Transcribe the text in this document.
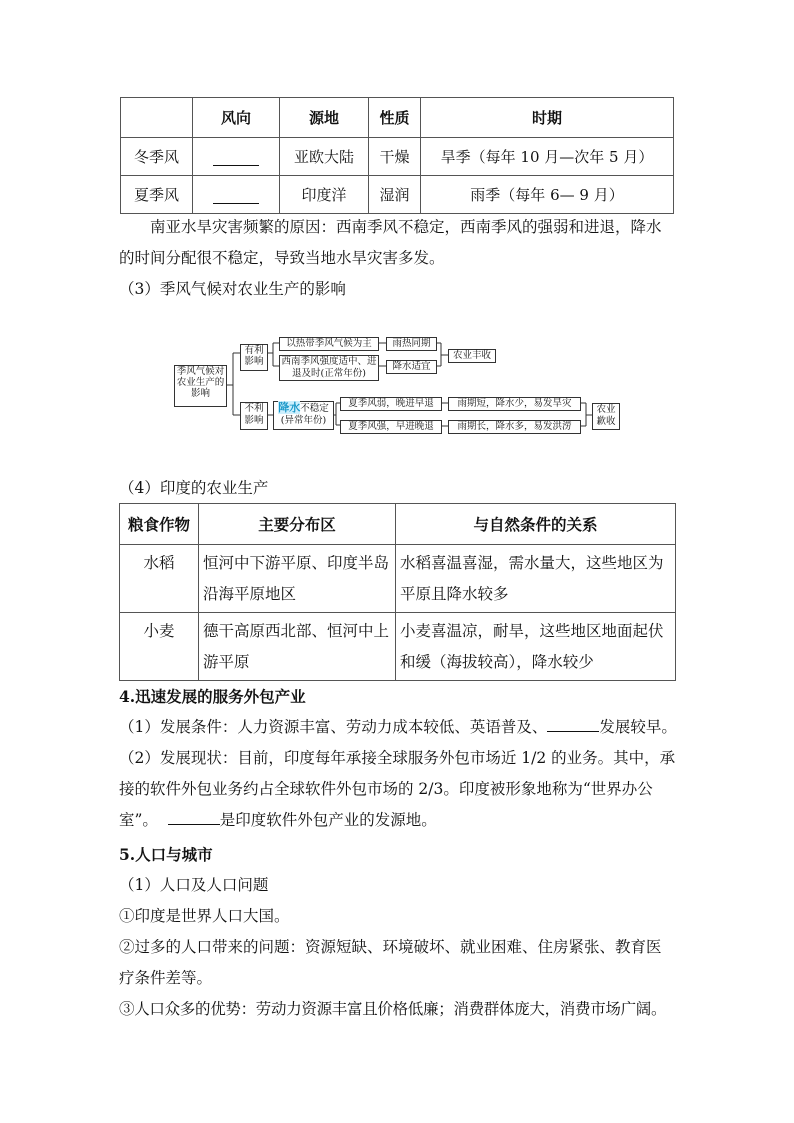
	风向	源地	性质	时期
冬季风		亚欧大陆	干燥	旱季（每年 10 月—次年 5 月）
夏季风		印度洋	湿润	雨季（每年 6— 9 月）
南亚水旱灾害频繁的原因：西南季风不稳定，西南季风的强弱和进退，降水的时间分配很不稳定，导致当地水旱灾害多发。
（3）季风气候对农业生产的影响
季风气候对农业生产的影响
有利影响
不利影响
以热带季风气候为主
西南季风强度适中、进退及时(正常年份)
雨热同期
降水适宜
农业丰收
降水不稳定
(异常年份)
夏季风弱，晚进早退
夏季风强，早进晚退
雨期短，降水少，易发旱灾
雨期长，降水多，易发洪涝
农业歉收
（4）印度的农业生产
粮食作物	主要分布区	与自然条件的关系
水稻	恒河中下游平原、印度半岛沿海平原地区	水稻喜温喜湿，需水量大，这些地区为平原且降水较多
小麦	德干高原西北部、恒河中上游平原	小麦喜温凉，耐旱，这些地区地面起伏和缓（海拔较高），降水较少
4.迅速发展的服务外包产业
（1）发展条件：人力资源丰富、劳动力成本较低、英语普及、	发展较早。
（2）发展现状：目前，印度每年承接全球服务外包市场近 1/2 的业务。其中，承接的软件外包业务约占全球软件外包市场的 2/3。印度被形象地称为“世界办公室”。	是印度软件外包产业的发源地。
5.人口与城市
（1）人口及人口问题
①印度是世界人口大国。
②过多的人口带来的问题：资源短缺、环境破坏、就业困难、住房紧张、教育医疗条件差等。
③人口众多的优势：劳动力资源丰富且价格低廉；消费群体庞大，消费市场广阔。
